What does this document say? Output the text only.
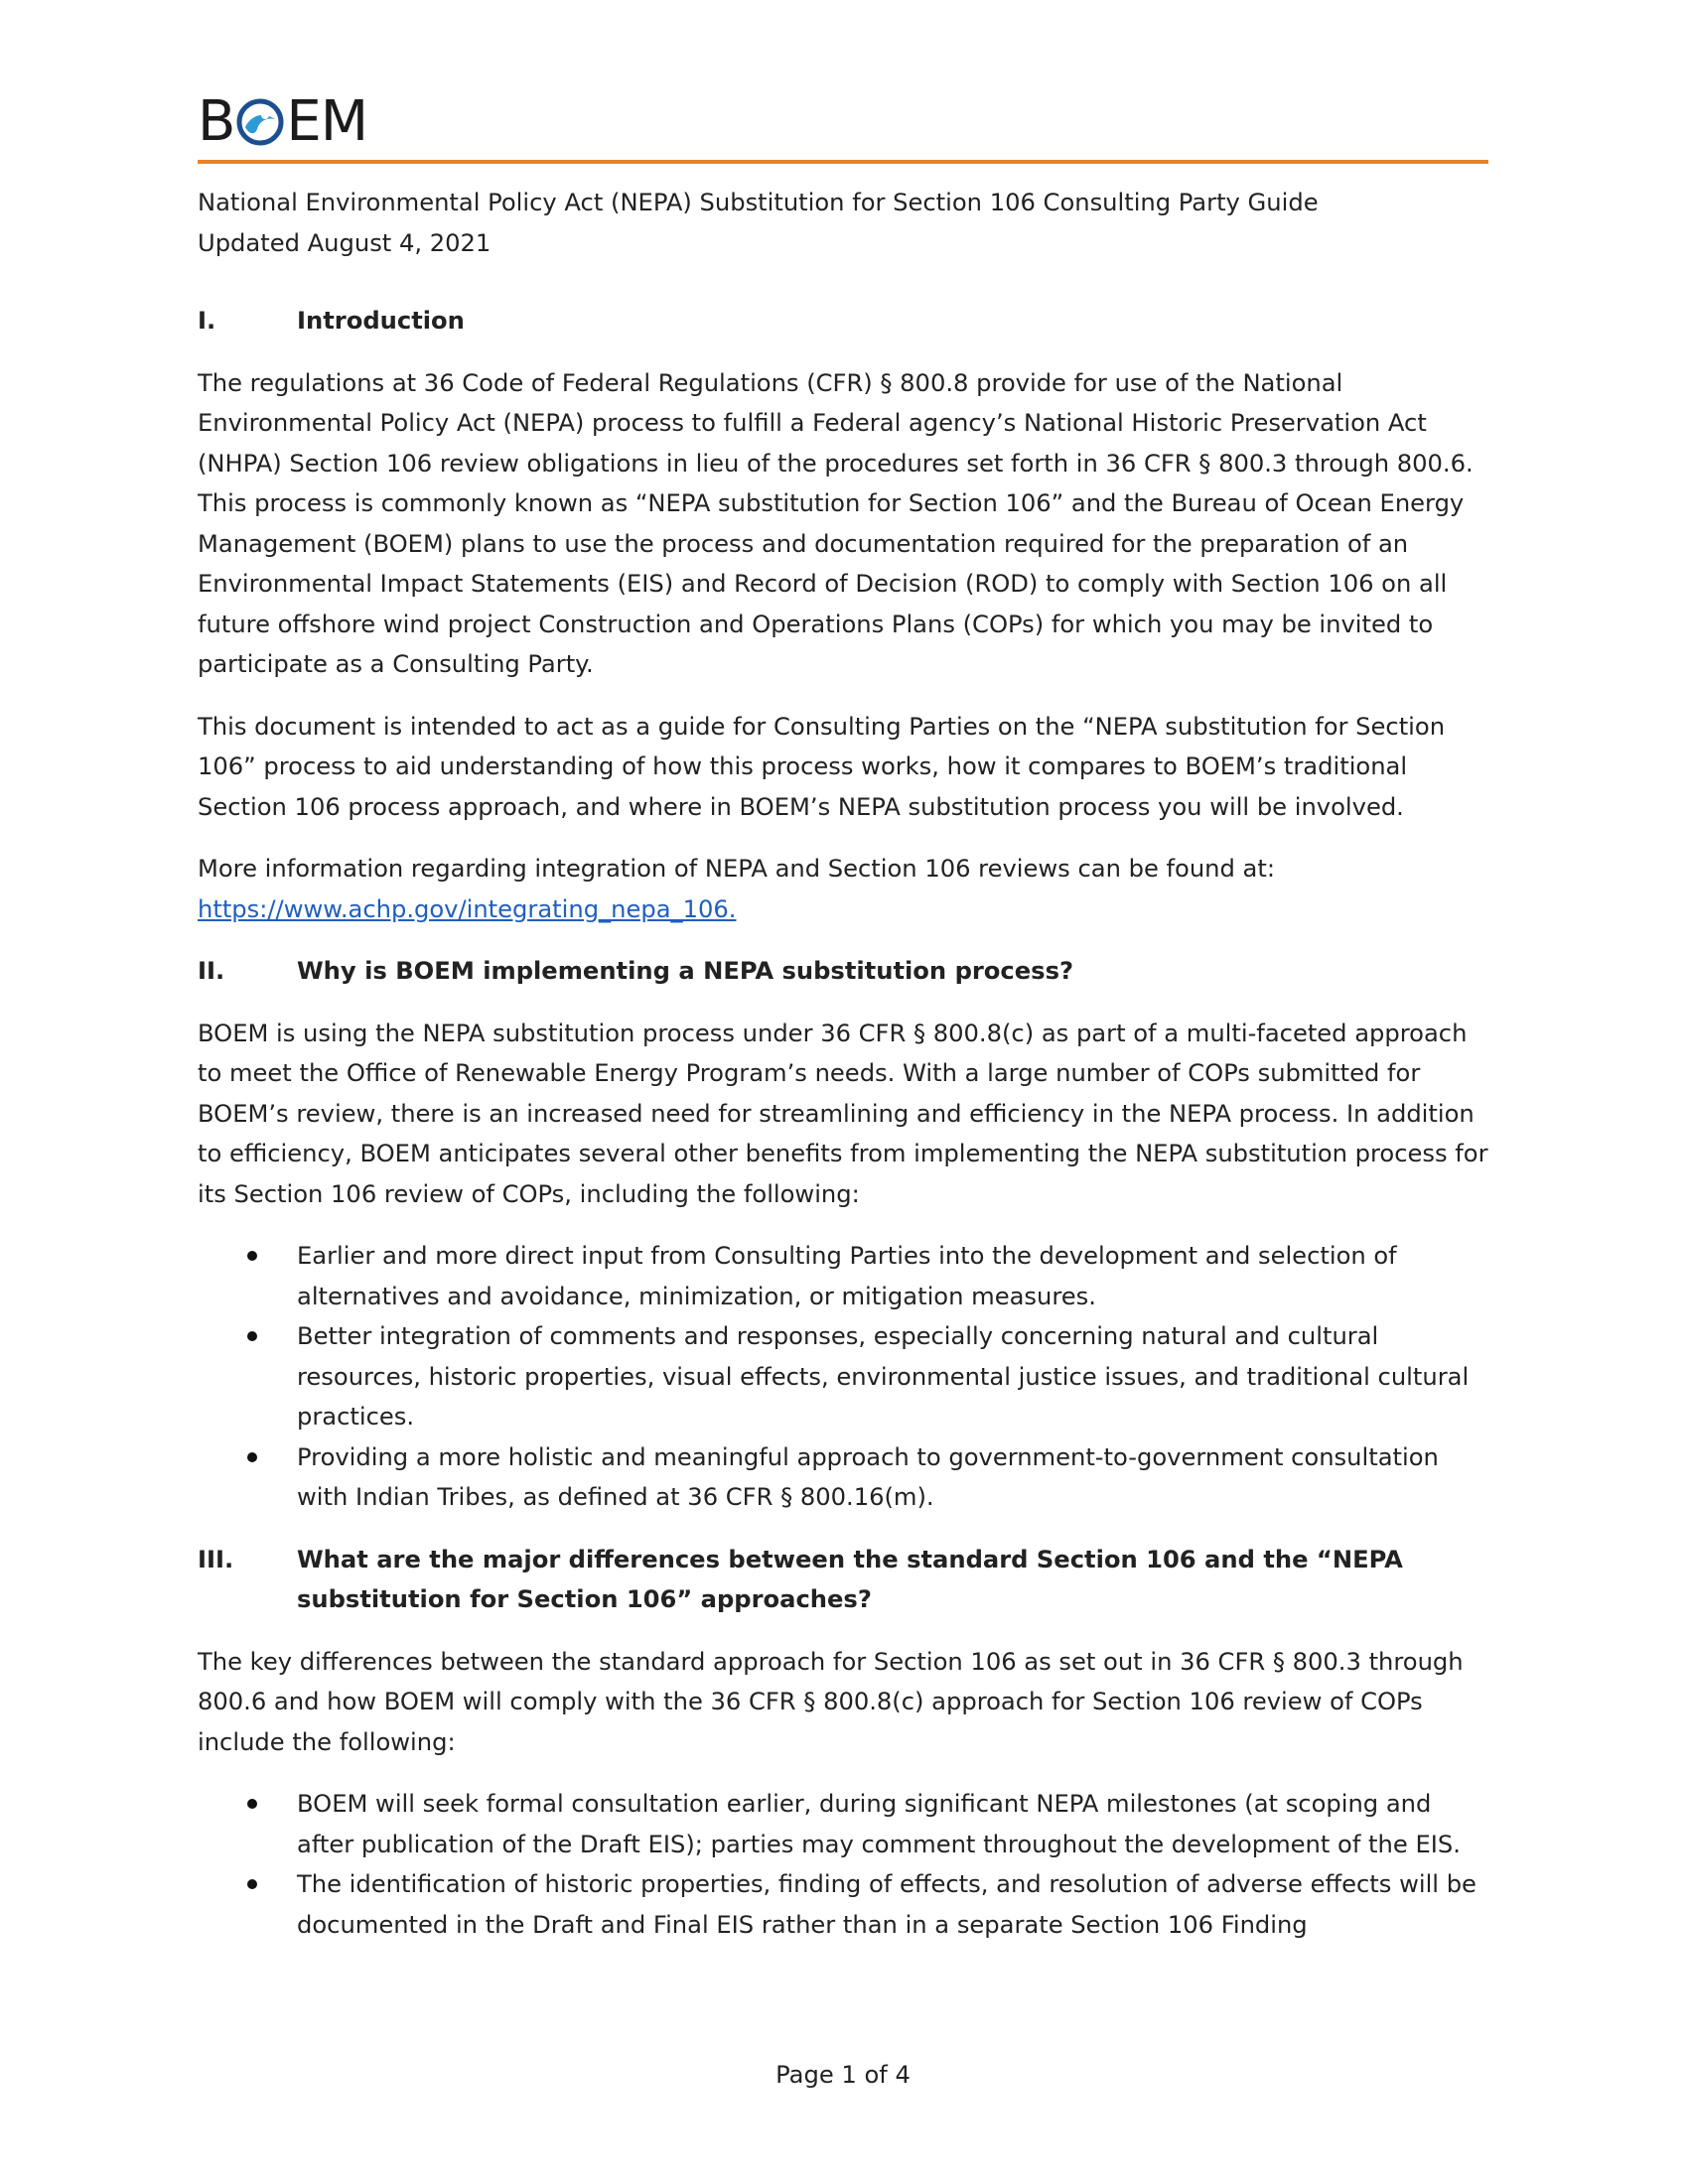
B EM
National Environmental Policy Act (NEPA) Substitution for Section 106 Consulting Party Guide
Updated August 4, 2021
I.	Introduction

The regulations at 36 Code of Federal Regulations (CFR) § 800.8 provide for use of the National Environmental Policy Act (NEPA) process to fulfill a Federal agency’s National Historic Preservation Act (NHPA) Section 106 review obligations in lieu of the procedures set forth in 36 CFR § 800.3 through 800.6. This process is commonly known as “NEPA substitution for Section 106” and the Bureau of Ocean Energy Management (BOEM) plans to use the process and documentation required for the preparation of an Environmental Impact Statements (EIS) and Record of Decision (ROD) to comply with Section 106 on all future offshore wind project Construction and Operations Plans (COPs) for which you may be invited to participate as a Consulting Party.

This document is intended to act as a guide for Consulting Parties on the “NEPA substitution for Section 106” process to aid understanding of how this process works, how it compares to BOEM’s traditional Section 106 process approach, and where in BOEM’s NEPA substitution process you will be involved.

More information regarding integration of NEPA and Section 106 reviews can be found at:
https://www.achp.gov/integrating_nepa_106.

II.	Why is BOEM implementing a NEPA substitution process?

BOEM is using the NEPA substitution process under 36 CFR § 800.8(c) as part of a multi-faceted approach to meet the Office of Renewable Energy Program’s needs. With a large number of COPs submitted for BOEM’s review, there is an increased need for streamlining and efficiency in the NEPA process. In addition to efficiency, BOEM anticipates several other benefits from implementing the NEPA substitution process for its Section 106 review of COPs, including the following:

Earlier and more direct input from Consulting Parties into the development and selection of alternatives and avoidance, minimization, or mitigation measures.
Better integration of comments and responses, especially concerning natural and cultural resources, historic properties, visual effects, environmental justice issues, and traditional cultural practices.
Providing a more holistic and meaningful approach to government-to-government consultation with Indian Tribes, as defined at 36 CFR § 800.16(m).
III.	What are the major differences between the standard Section 106 and the “NEPA substitution for Section 106” approaches?

The key differences between the standard approach for Section 106 as set out in 36 CFR § 800.3 through 800.6 and how BOEM will comply with the 36 CFR § 800.8(c) approach for Section 106 review of COPs include the following:

BOEM will seek formal consultation earlier, during significant NEPA milestones (at scoping and after publication of the Draft EIS); parties may comment throughout the development of the EIS.
The identification of historic properties, finding of effects, and resolution of adverse effects will be documented in the Draft and Final EIS rather than in a separate Section 106 Finding
Page 1 of 4
